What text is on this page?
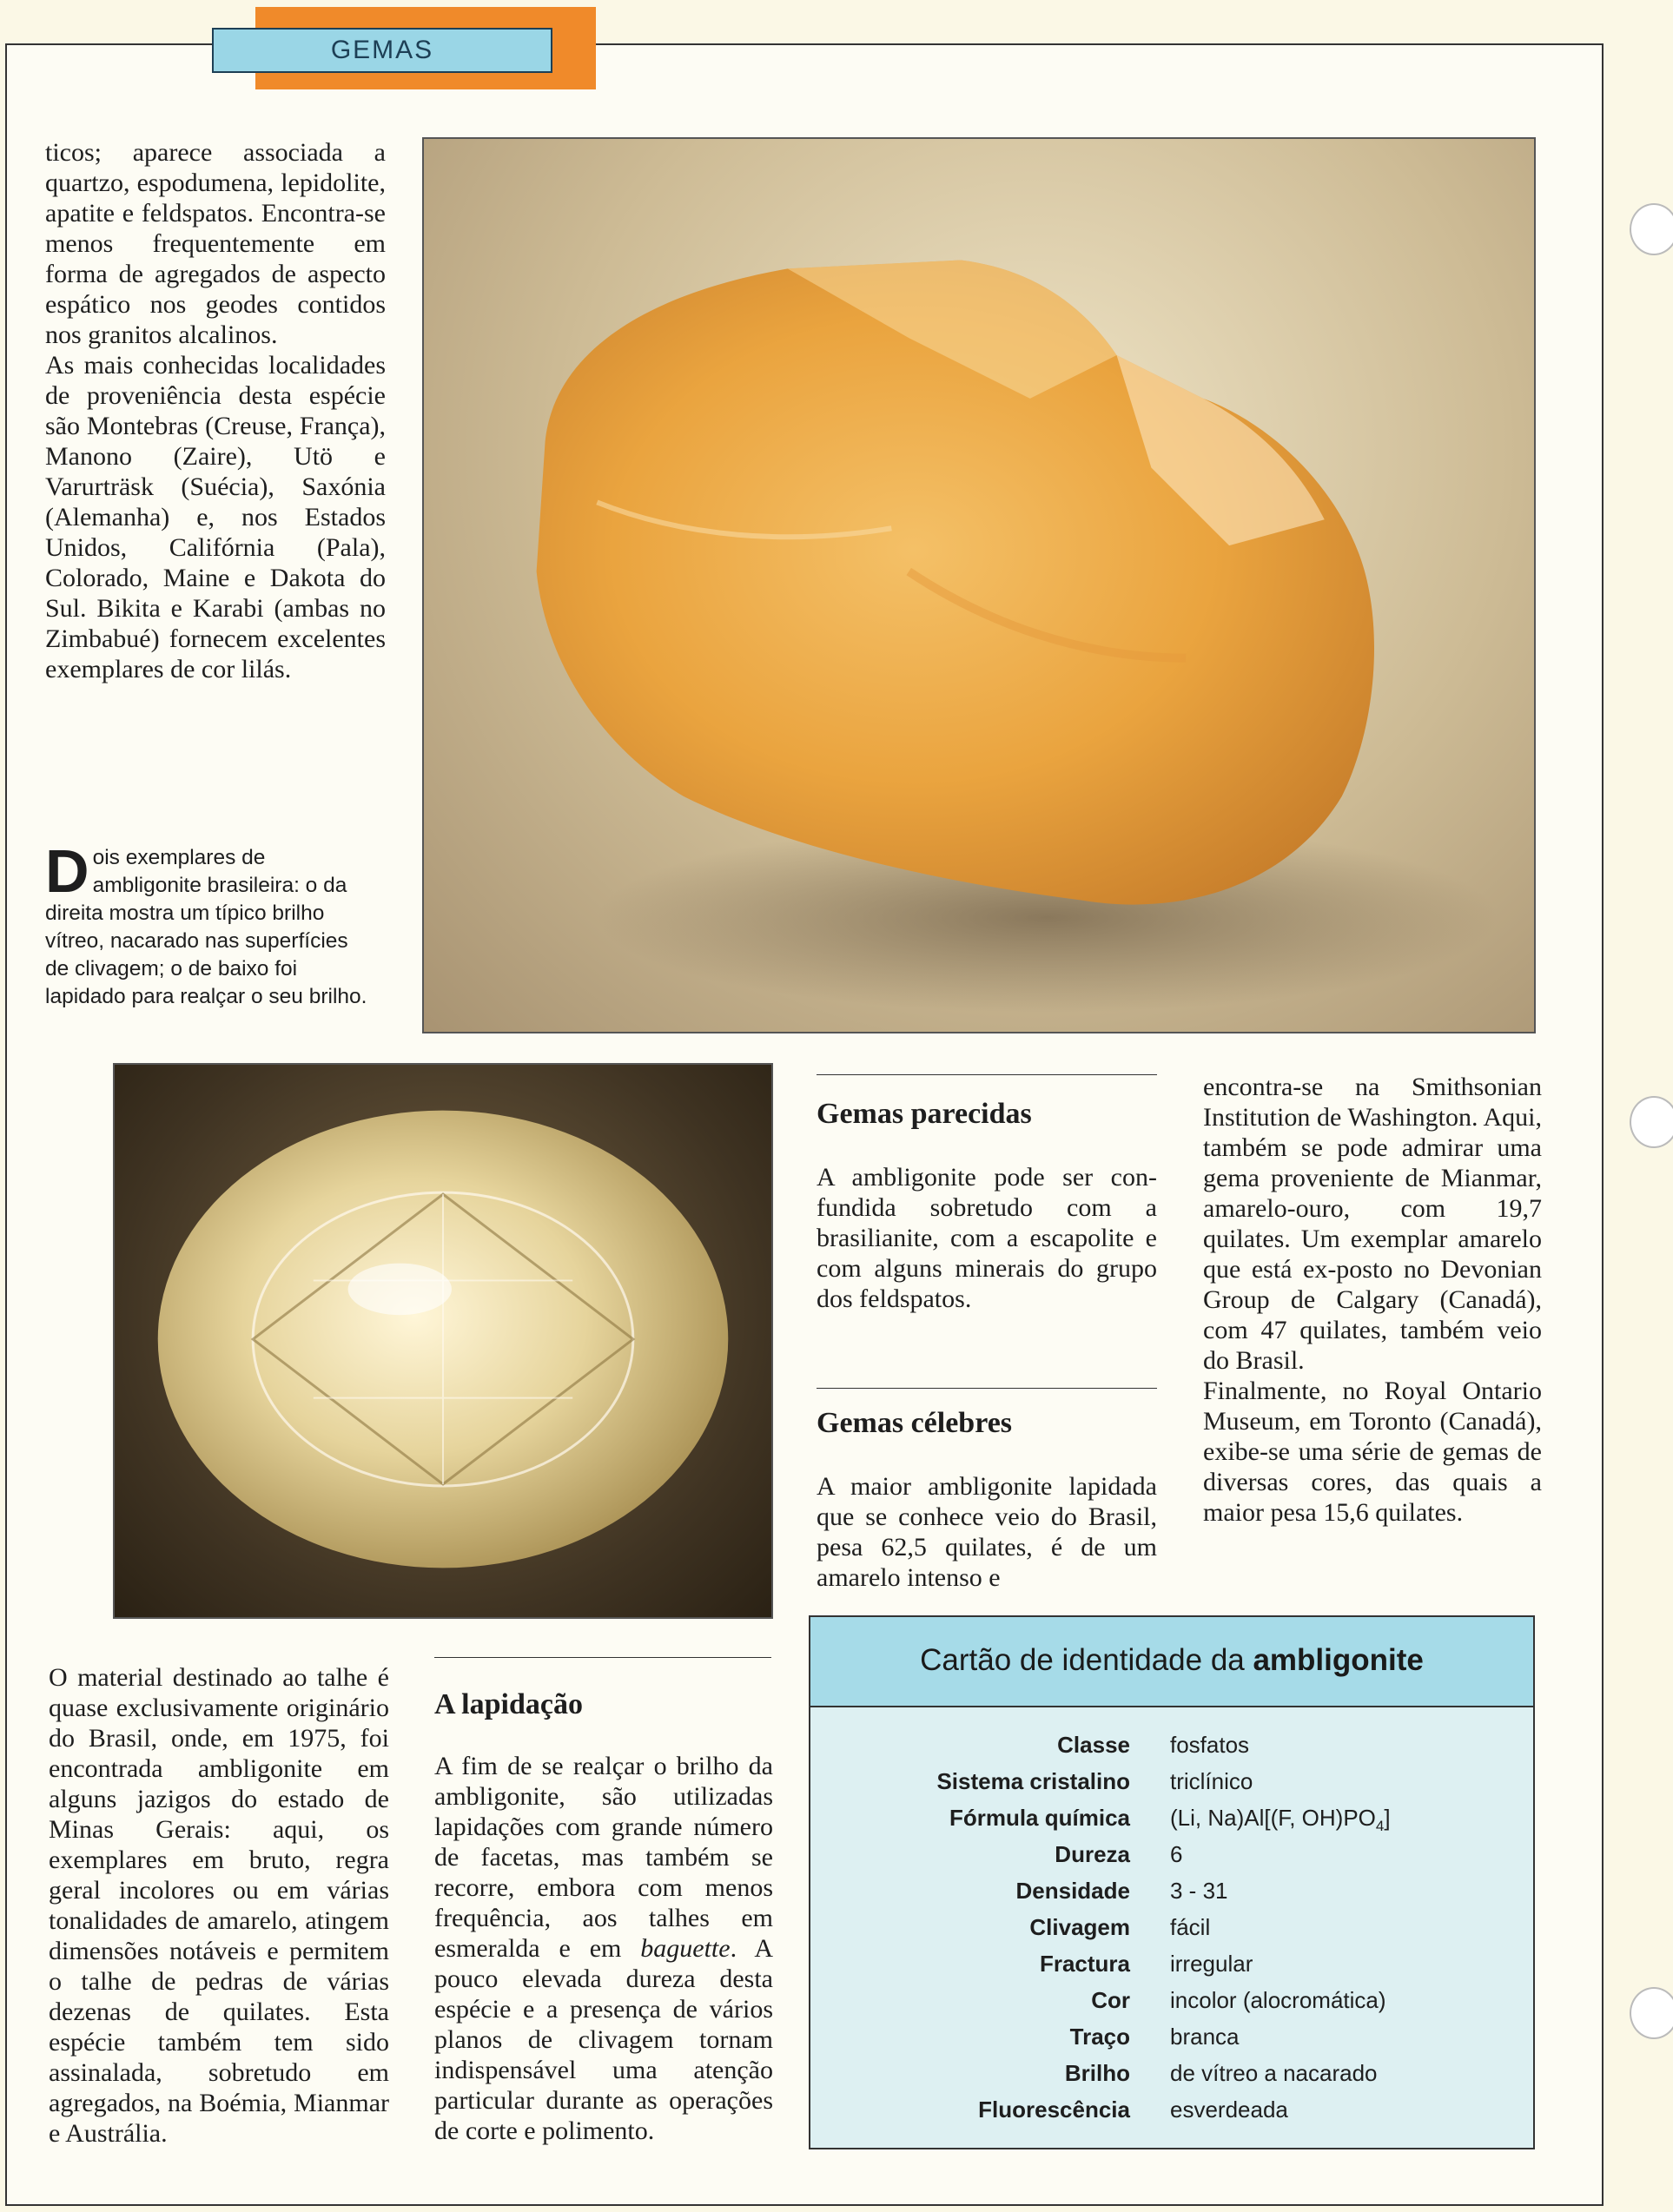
GEMAS

ticos; aparece associada a quartzo, espodumena, lepidolite, apatite e feldspatos. Encontra-se menos frequentemente em forma de agregados de aspecto espático nos geodes contidos nos granitos alcalinos.

As mais conhecidas localidades de proveniência desta espécie são Montebras (Creuse, França), Manono (Zaire), Utö e Varurträsk (Suécia), Saxónia (Alemanha) e, nos Estados Unidos, Califórnia (Pala), Colorado, Maine e Dakota do Sul. Bikita e Karabi (ambas no Zimbabué) fornecem excelentes exemplares de cor lilás.

Dois exemplares de ambligonite brasileira: o da direita mostra um típico brilho vítreo, nacarado nas superfícies de clivagem; o de baixo foi lapidado para realçar o seu brilho.

Gemas parecidas

A ambligonite pode ser confundida sobretudo com a brasilianite, com a escapolite e com alguns minerais do grupo dos feldspatos.

Gemas célebres

A maior ambligonite lapidada que se conhece veio do Brasil, pesa 62,5 quilates, é de um amarelo intenso e

encontra-se na Smithsonian Institution de Washington. Aqui, também se pode admirar uma gema proveniente de Mianmar, amarelo-ouro, com 19,7 quilates. Um exemplar amarelo que está ex-posto no Devonian Group de Calgary (Canadá), com 47 quilates, também veio do Brasil.

Finalmente, no Royal Ontario Museum, em Toronto (Canadá), exibe-se uma série de gemas de diversas cores, das quais a maior pesa 15,6 quilates.

O material destinado ao talhe é quase exclusivamente originário do Brasil, onde, em 1975, foi encontrada ambligonite em alguns jazigos do estado de Minas Gerais: aqui, os exemplares em bruto, regra geral incolores ou em várias tonalidades de amarelo, atingem dimensões notáveis e permitem o talhe de pedras de várias dezenas de quilates. Esta espécie também tem sido assinalada, sobretudo em agregados, na Boémia, Mianmar e Austrália.

A lapidação

A fim de se realçar o brilho da ambligonite, são utilizadas lapidações com grande número de facetas, mas também se recorre, embora com menos frequência, aos talhes em esmeralda e em baguette. A pouco elevada dureza desta espécie e a presença de vários planos de clivagem tornam indispensável uma atenção particular durante as operações de corte e polimento.

Cartão de identidade da ambligonite
Classe fosfatos
Sistema cristalino triclínico
Fórmula química (Li, Na)Al[(F, $OH)PO_4$]
Dureza 6
Densidade 3 - 31
Clivagem fácil
Fractura irregular
Cor incolor (alocromática)
Traço branca
Brilho de vítreo a nacarado
Fluorescência esverdeada
